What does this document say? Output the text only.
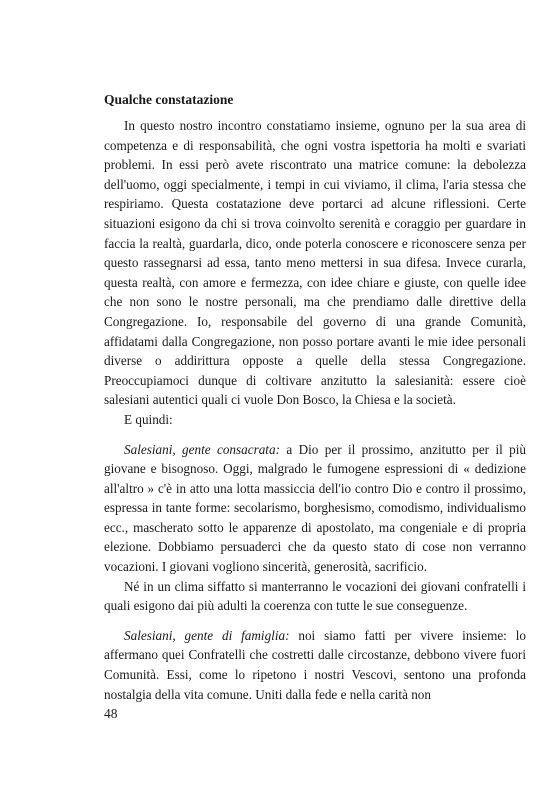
Qualche constatazione

In questo nostro incontro constatiamo insieme, ognuno per la sua area di competenza e di responsabilità, che ogni vostra ispettoria ha molti e svariati problemi. In essi però avete riscontrato una matrice comune: la debolezza dell'uomo, oggi specialmente, i tempi in cui viviamo, il clima, l'aria stessa che respiriamo. Questa costatazione deve portarci ad alcune riflessioni. Certe situazioni esigono da chi si trova coinvolto serenità e coraggio per guardare in faccia la realtà, guardarla, dico, onde poterla conoscere e riconoscere senza per questo rassegnarsi ad essa, tanto meno mettersi in sua difesa. Invece curarla, questa realtà, con amore e fermezza, con idee chiare e giuste, con quelle idee che non sono le nostre personali, ma che prendiamo dalle direttive della Congregazione. Io, responsabile del governo di una grande Comunità, affidatami dalla Congregazione, non posso portare avanti le mie idee personali diverse o addirittura opposte a quelle della stessa Congregazione. Preoccupiamoci dunque di coltivare anzitutto la salesianità: essere cioè salesiani autentici quali ci vuole Don Bosco, la Chiesa e la società.

E quindi:

Salesiani, gente consacrata: a Dio per il prossimo, anzitutto per il più giovane e bisognoso. Oggi, malgrado le fumogene espressioni di « dedizione all'altro » c'è in atto una lotta massiccia dell'io contro Dio e contro il prossimo, espressa in tante forme: secolarismo, borghesismo, comodismo, individualismo ecc., mascherato sotto le apparenze di apostolato, ma congeniale e di propria elezione. Dobbiamo persuaderci che da questo stato di cose non verranno vocazioni. I giovani vogliono sincerità, generosità, sacrificio.

Né in un clima siffatto si manterranno le vocazioni dei giovani confratelli i quali esigono dai più adulti la coerenza con tutte le sue conseguenze.

Salesiani, gente di famiglia: noi siamo fatti per vivere insieme: lo affermano quei Confratelli che costretti dalle circostanze, debbono vivere fuori Comunità. Essi, come lo ripetono i nostri Vescovi, sentono una profonda nostalgia della vita comune. Uniti dalla fede e nella carità non

48
